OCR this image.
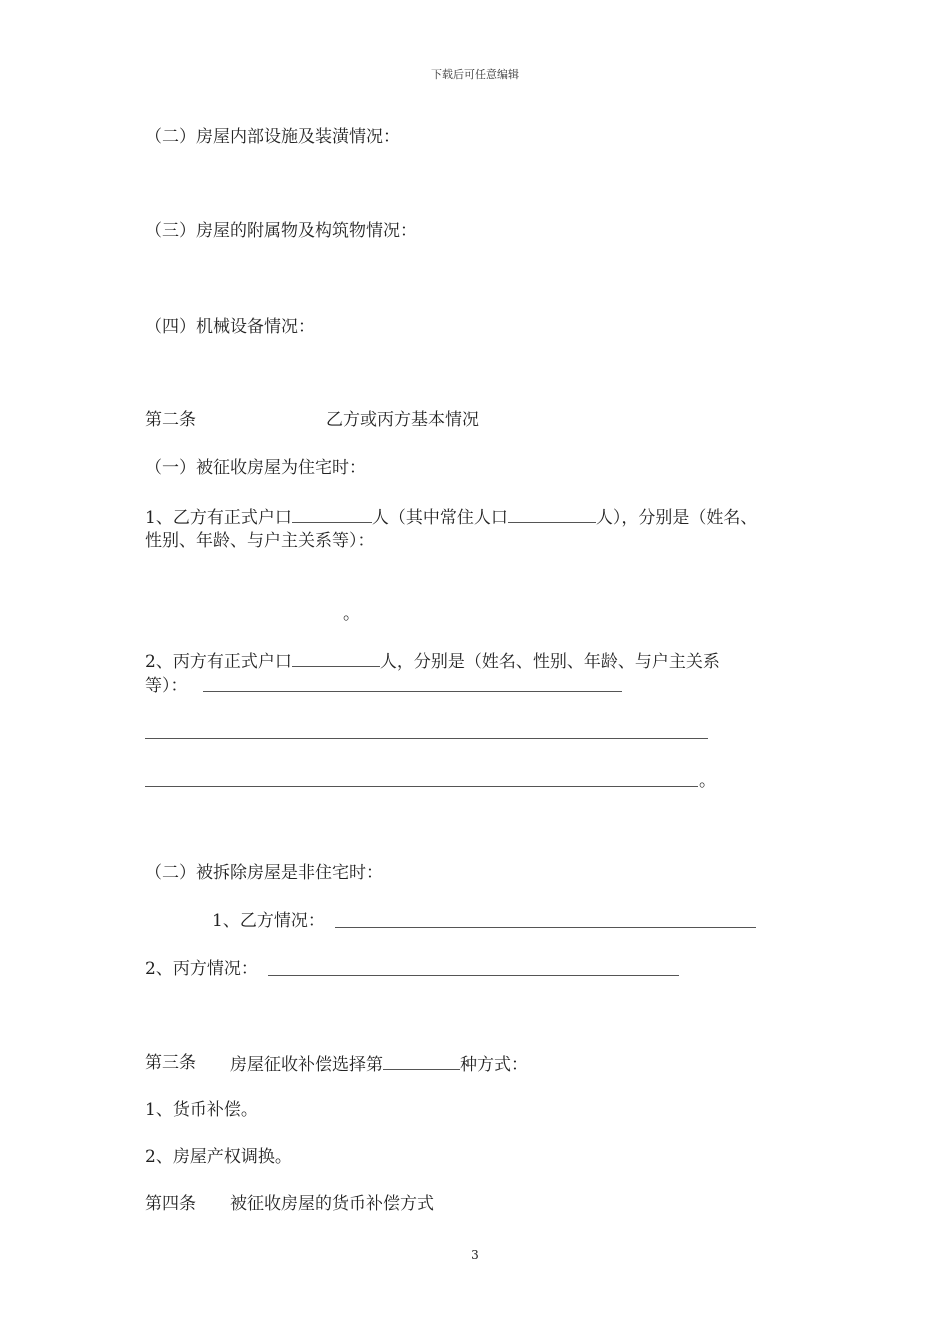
下载后可任意编辑
（二）房屋内部设施及装潢情况：
（三）房屋的附属物及构筑物情况：
（四）机械设备情况：
第二条	乙方或丙方基本情况
（一）被征收房屋为住宅时：
1、乙方有正式户口	人（其中常住人口	人），分别是（姓名、
性别、年龄、与户主关系等）：
。
2、丙方有正式户口	人，分别是（姓名、性别、年龄、与户主关系
等）：
。
（二）被拆除房屋是非住宅时：
1、乙方情况：
2、丙方情况：
第三条 房屋征收补偿选择第	种方式：
1、货币补偿。
2、房屋产权调换。
第四条 被征收房屋的货币补偿方式
3
